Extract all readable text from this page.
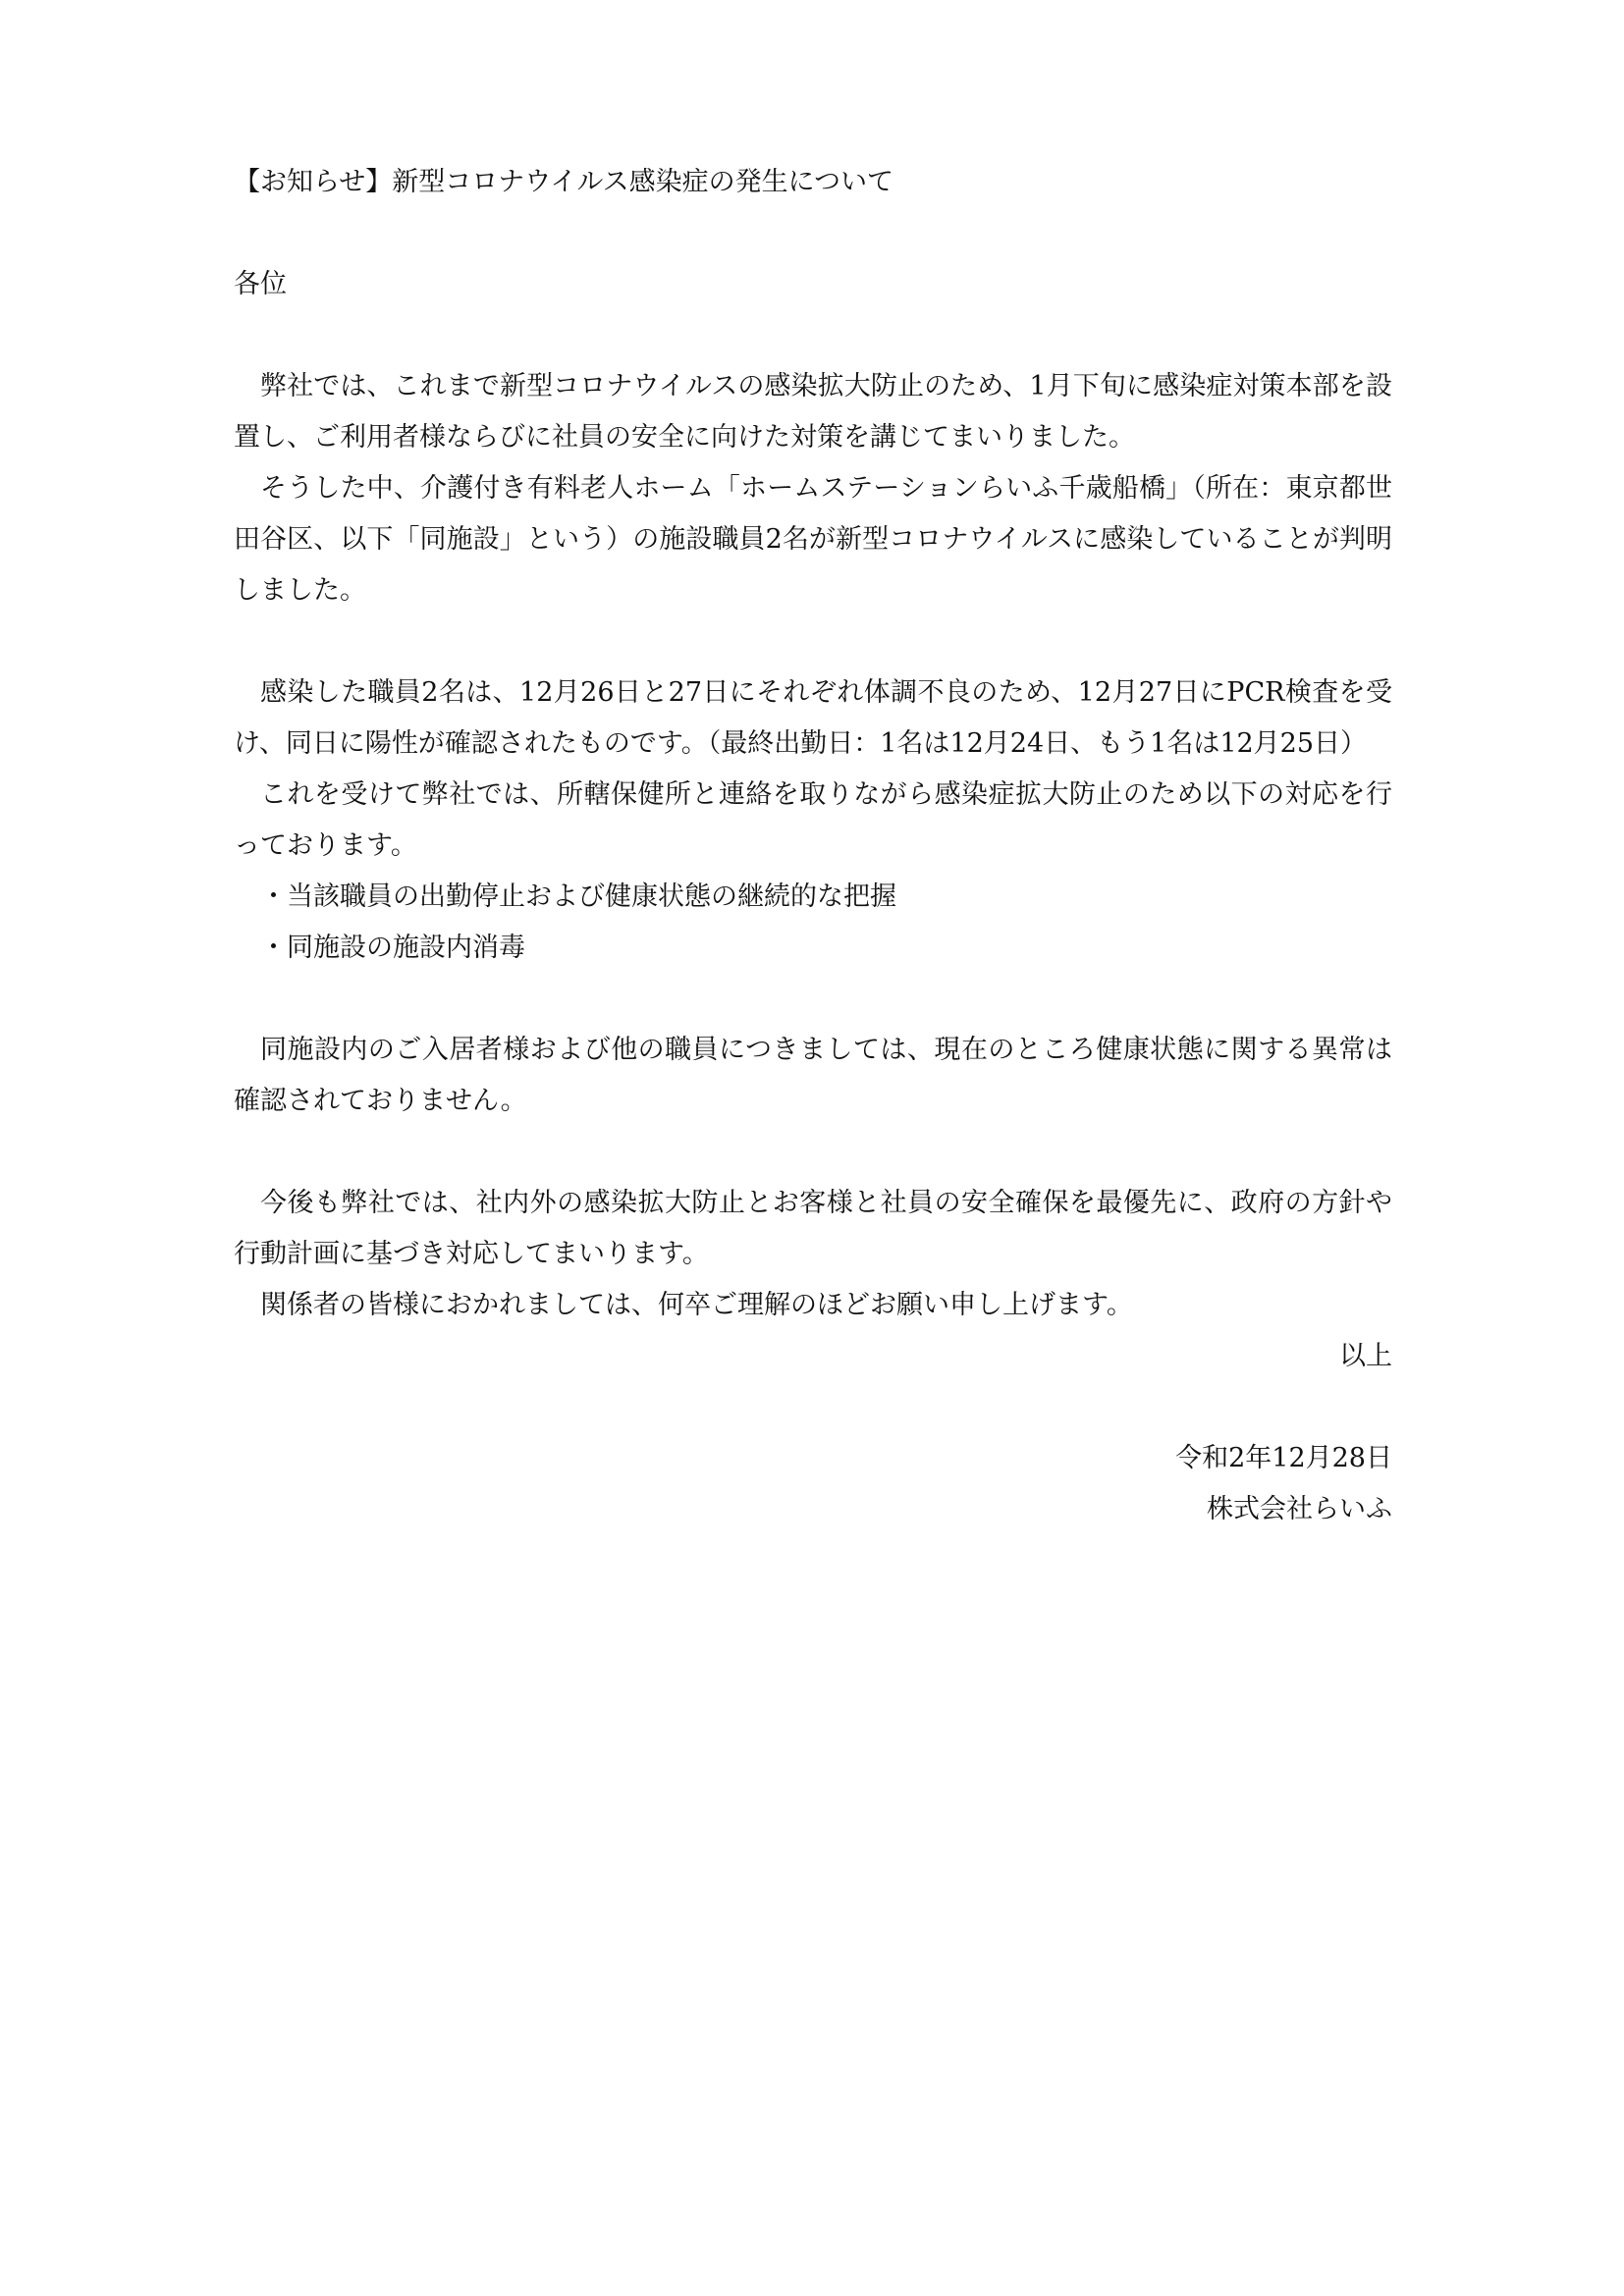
【お知らせ】新型コロナウイルス感染症の発生について

各位

弊社では、これまで新型コロナウイルスの感染拡大防止のため、1月下旬に感染症対策本部を設置し、ご利用者様ならびに社員の安全に向けた対策を講じてまいりました。

そうした中、介護付き有料老人ホーム「ホームステーションらいふ千歳船橋」（所在：東京都世田谷区、以下「同施設」という）の施設職員2名が新型コロナウイルスに感染していることが判明しました。

感染した職員2名は、12月26日と27日にそれぞれ体調不良のため、12月27日にPCR検査を受け、同日に陽性が確認されたものです。（最終出勤日：1名は12月24日、もう1名は12月25日）

これを受けて弊社では、所轄保健所と連絡を取りながら感染症拡大防止のため以下の対応を行っております。

・当該職員の出勤停止および健康状態の継続的な把握

・同施設の施設内消毒

同施設内のご入居者様および他の職員につきましては、現在のところ健康状態に関する異常は確認されておりません。

今後も弊社では、社内外の感染拡大防止とお客様と社員の安全確保を最優先に、政府の方針や行動計画に基づき対応してまいります。

関係者の皆様におかれましては、何卒ご理解のほどお願い申し上げます。

以上

令和2年12月28日

株式会社らいふ
